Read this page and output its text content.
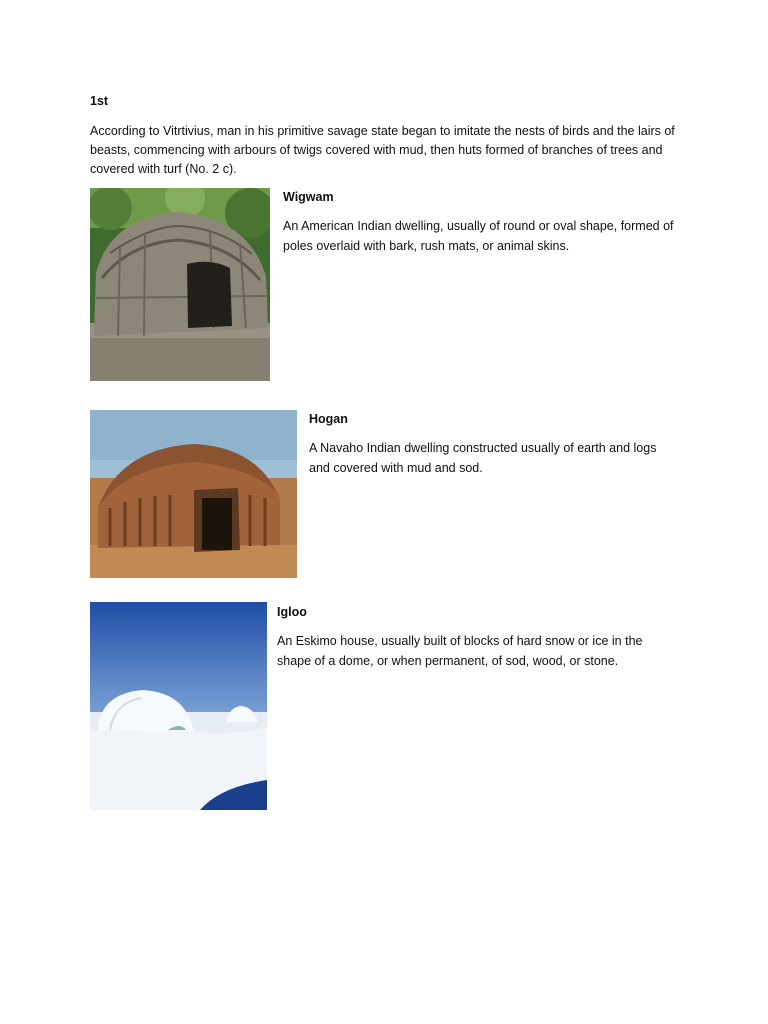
1st

According to Vitrtivius, man in his primitive savage state began to imitate the nests of birds and the lairs of beasts, commencing with arbours of twigs covered with mud, then huts formed of branches of trees and covered with turf (No. 2 c).

Wigwam

An American Indian dwelling, usually of round or oval shape, formed of poles overlaid with bark, rush mats, or animal skins.

Hogan

A Navaho Indian dwelling constructed usually of earth and logs and covered with mud and sod.

Igloo

An Eskimo house, usually built of blocks of hard snow or ice in the shape of a dome, or when permanent, of sod, wood, or stone.
